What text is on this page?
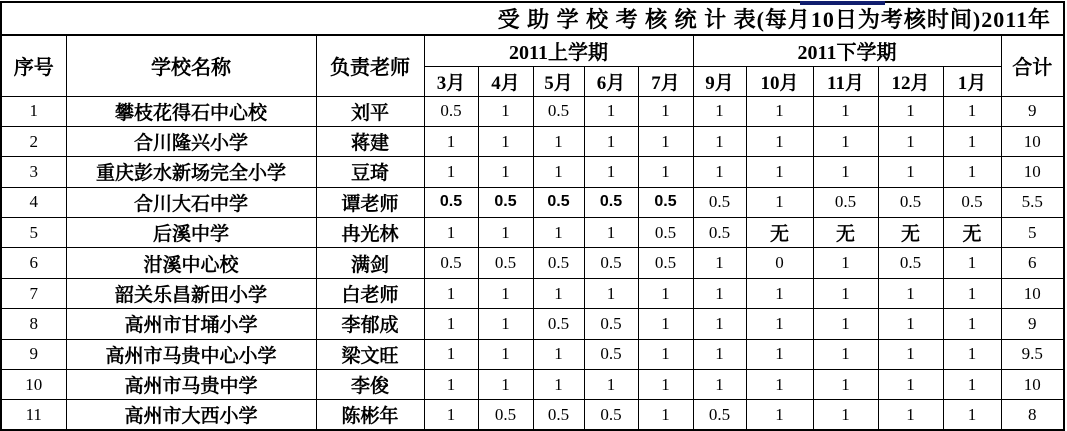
受 助 学 校 考 核 统 计 表(每月10日为考核时间)2011年													
序号	学校名称	负责老师	2011上学期					2011下学期					合计
			3月	4月	5月	6月	7月	9月	10月	11月	12月	1月	
1	攀枝花得石中心校	刘平	0.5	1	0.5	1	1	1	1	1	1	1	9
2	合川隆兴小学	蒋建	1	1	1	1	1	1	1	1	1	1	10
3	重庆彭水新场完全小学	豆琦	1	1	1	1	1	1	1	1	1	1	10
4	合川大石中学	谭老师	0.5	0.5	0.5	0.5	0.5	0.5	1	0.5	0.5	0.5	5.5
5	后溪中学	冉光林	1	1	1	1	0.5	0.5	无	无	无	无	5
6	泔溪中心校	满剑	0.5	0.5	0.5	0.5	0.5	1	0	1	0.5	1	6
7	韶关乐昌新田小学	白老师	1	1	1	1	1	1	1	1	1	1	10
8	高州市甘埇小学	李郁成	1	1	0.5	0.5	1	1	1	1	1	1	9
9	高州市马贵中心小学	梁文旺	1	1	1	0.5	1	1	1	1	1	1	9.5
10	高州市马贵中学	李俊	1	1	1	1	1	1	1	1	1	1	10
11	高州市大西小学	陈彬年	1	0.5	0.5	0.5	1	0.5	1	1	1	1	8
